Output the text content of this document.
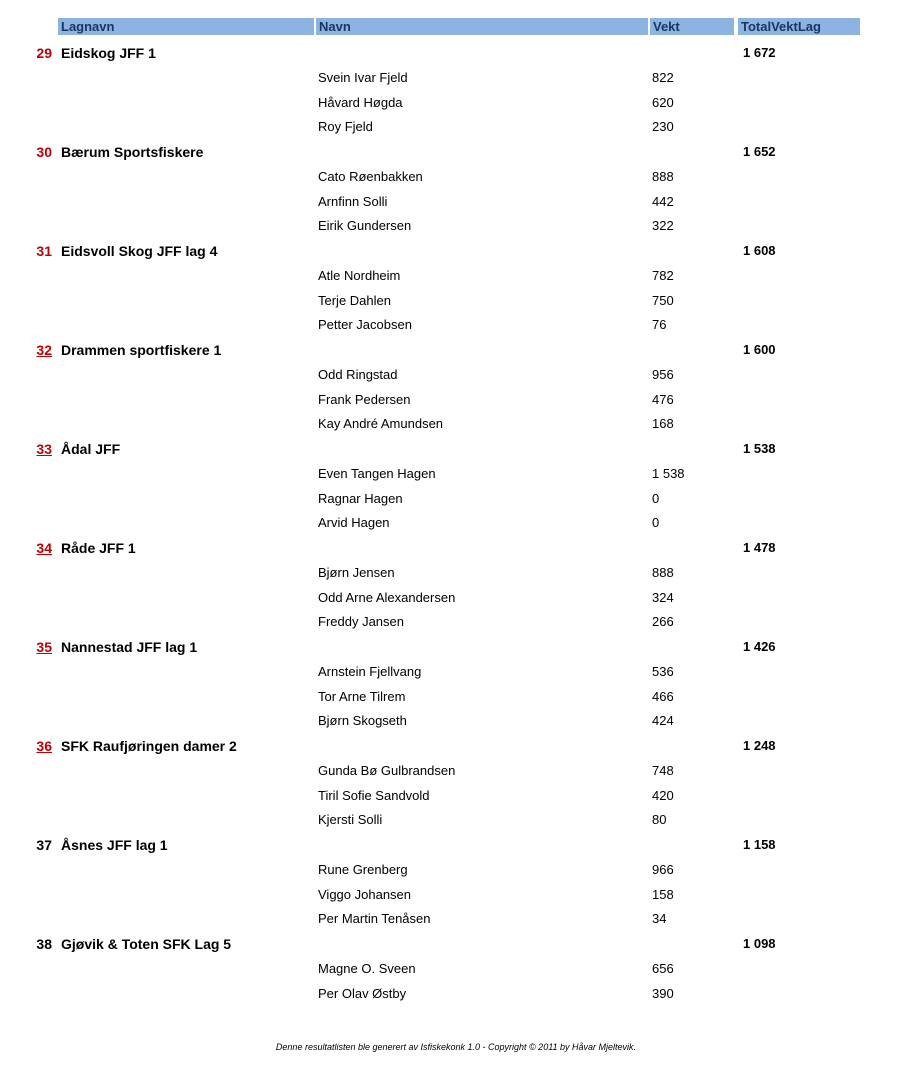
Lagnavn	Navn	Vekt	TotalVektLag
29 Eidskog JFF 1	1 672
Svein Ivar Fjeld	822
Håvard Høgda	620
Roy Fjeld	230
30 Bærum Sportsfiskere	1 652
Cato Røenbakken	888
Arnfinn Solli	442
Eirik Gundersen	322
31 Eidsvoll Skog JFF lag 4	1 608
Atle Nordheim	782
Terje Dahlen	750
Petter Jacobsen	76
32 Drammen sportfiskere 1	1 600
Odd Ringstad	956
Frank Pedersen	476
Kay André Amundsen	168
33 Ådal JFF	1 538
Even Tangen Hagen	1 538
Ragnar Hagen	0
Arvid Hagen	0
34 Råde JFF 1	1 478
Bjørn Jensen	888
Odd Arne Alexandersen	324
Freddy Jansen	266
35 Nannestad JFF lag 1	1 426
Arnstein Fjellvang	536
Tor Arne Tilrem	466
Bjørn Skogseth	424
36 SFK Raufjøringen damer 2	1 248
Gunda Bø Gulbrandsen	748
Tiril Sofie Sandvold	420
Kjersti Solli	80
37 Åsnes JFF lag 1	1 158
Rune Grenberg	966
Viggo Johansen	158
Per Martin Tenåsen	34
38 Gjøvik & Toten SFK Lag 5	1 098
Magne O. Sveen	656
Per Olav Østby	390
Denne resultatlisten ble generert av Isfiskekonk 1.0 - Copyright © 2011 by Håvar Mjeltevik.
